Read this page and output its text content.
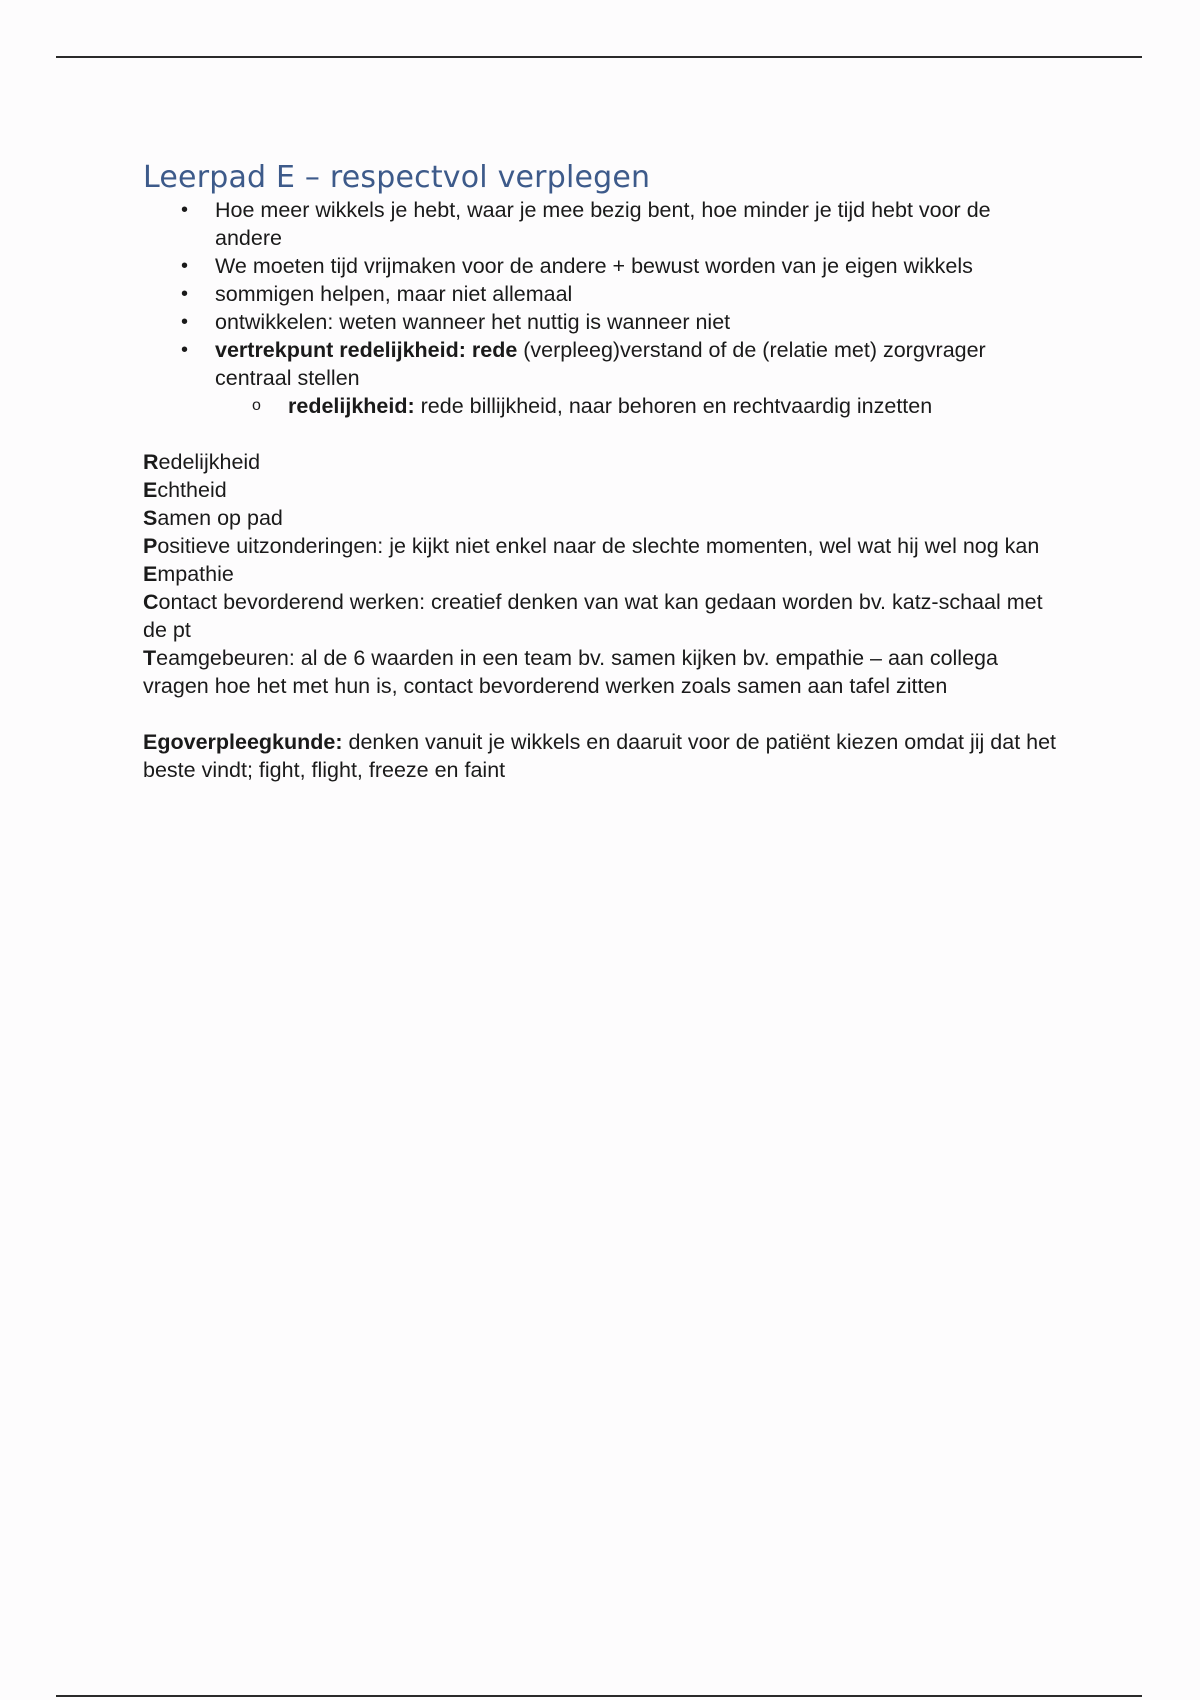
Leerpad E – respectvol verplegen
• Hoe meer wikkels je hebt, waar je mee bezig bent, hoe minder je tijd hebt voor de andere
• We moeten tijd vrijmaken voor de andere + bewust worden van je eigen wikkels
• sommigen helpen, maar niet allemaal
• ontwikkelen: weten wanneer het nuttig is wanneer niet
• vertrekpunt redelijkheid: rede (verpleeg)verstand of de (relatie met) zorgvrager centraal stellen
o redelijkheid: rede billijkheid, naar behoren en rechtvaardig inzetten

Redelijkheid

Echtheid

Samen op pad

Positieve uitzonderingen: je kijkt niet enkel naar de slechte momenten, wel wat hij wel nog kan

Empathie

Contact bevorderend werken: creatief denken van wat kan gedaan worden bv. katz-schaal met de pt

Teamgebeuren: al de 6 waarden in een team bv. samen kijken bv. empathie – aan collega vragen hoe het met hun is, contact bevorderend werken zoals samen aan tafel zitten

Egoverpleegkunde: denken vanuit je wikkels en daaruit voor de patiënt kiezen omdat jij dat het beste vindt; fight, flight, freeze en faint
